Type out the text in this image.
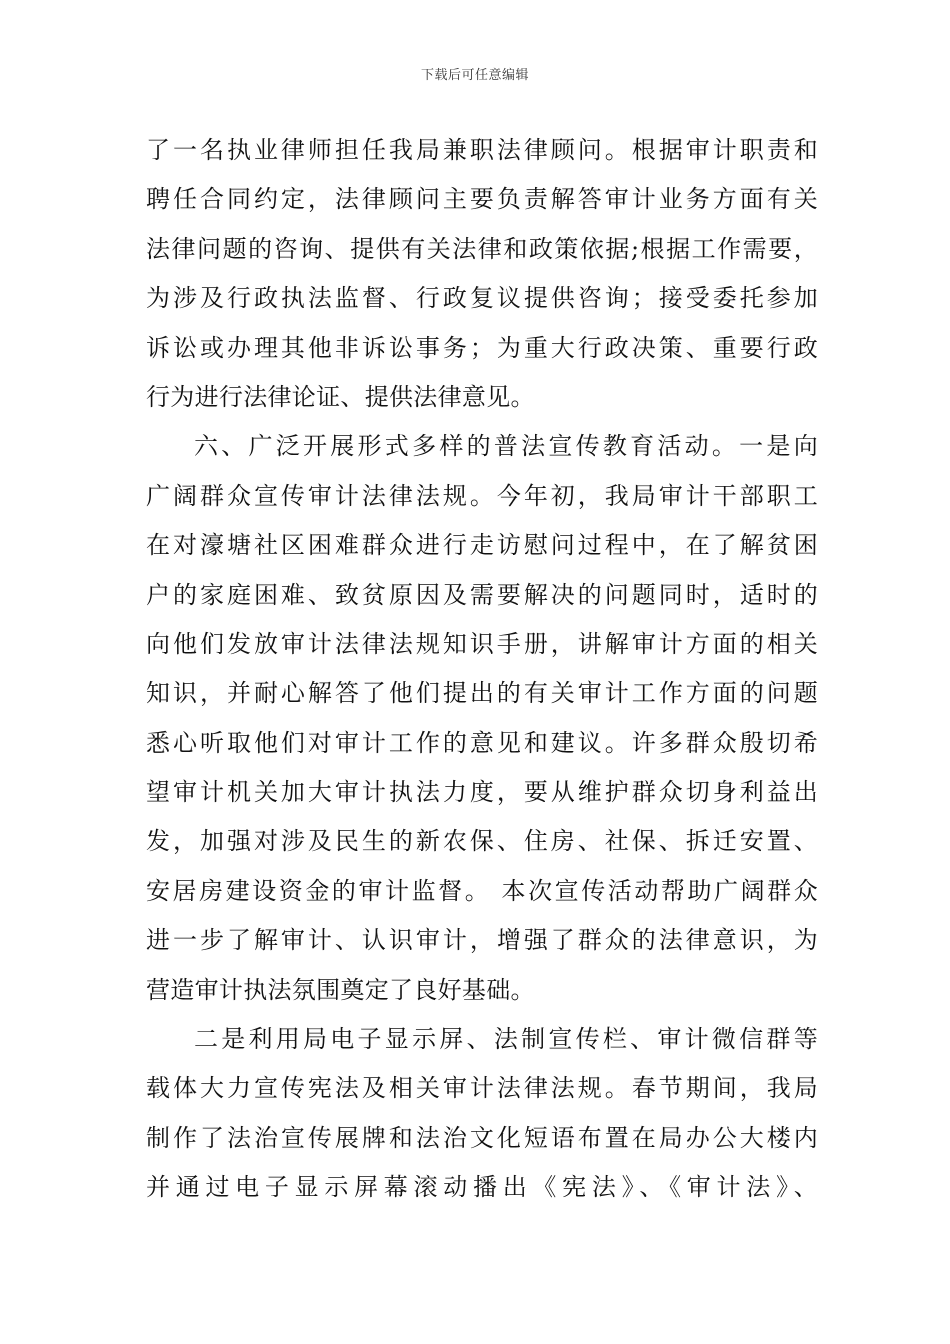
下载后可任意编辑
了一名执业律师担任我局兼职法律顾问。根据审计职责和
聘任合同约定，法律顾问主要负责解答审计业务方面有关
法律问题的咨询、提供有关法律和政策依据;根据工作需要，
为涉及行政执法监督、行政复议提供咨询；接受委托参加
诉讼或办理其他非诉讼事务；为重大行政决策、重要行政
行为进行法律论证、提供法律意见。
六、广泛开展形式多样的普法宣传教育活动。一是向
广阔群众宣传审计法律法规。今年初，我局审计干部职工
在对濠塘社区困难群众进行走访慰问过程中，在了解贫困
户的家庭困难、致贫原因及需要解决的问题同时，适时的
向他们发放审计法律法规知识手册，讲解审计方面的相关
知识，并耐心解答了他们提出的有关审计工作方面的问题
悉心听取他们对审计工作的意见和建议。许多群众殷切希
望审计机关加大审计执法力度，要从维护群众切身利益出
发，加强对涉及民生的新农保、住房、社保、拆迁安置、
安居房建设资金的审计监督。 本次宣传活动帮助广阔群众
进一步了解审计、认识审计，增强了群众的法律意识，为
营造审计执法氛围奠定了良好基础。
二是利用局电子显示屏、法制宣传栏、审计微信群等
载体大力宣传宪法及相关审计法律法规。春节期间，我局
制作了法治宣传展牌和法治文化短语布置在局办公大楼内
并通过电子显示屏幕滚动播出《宪法》、《审计法》、
